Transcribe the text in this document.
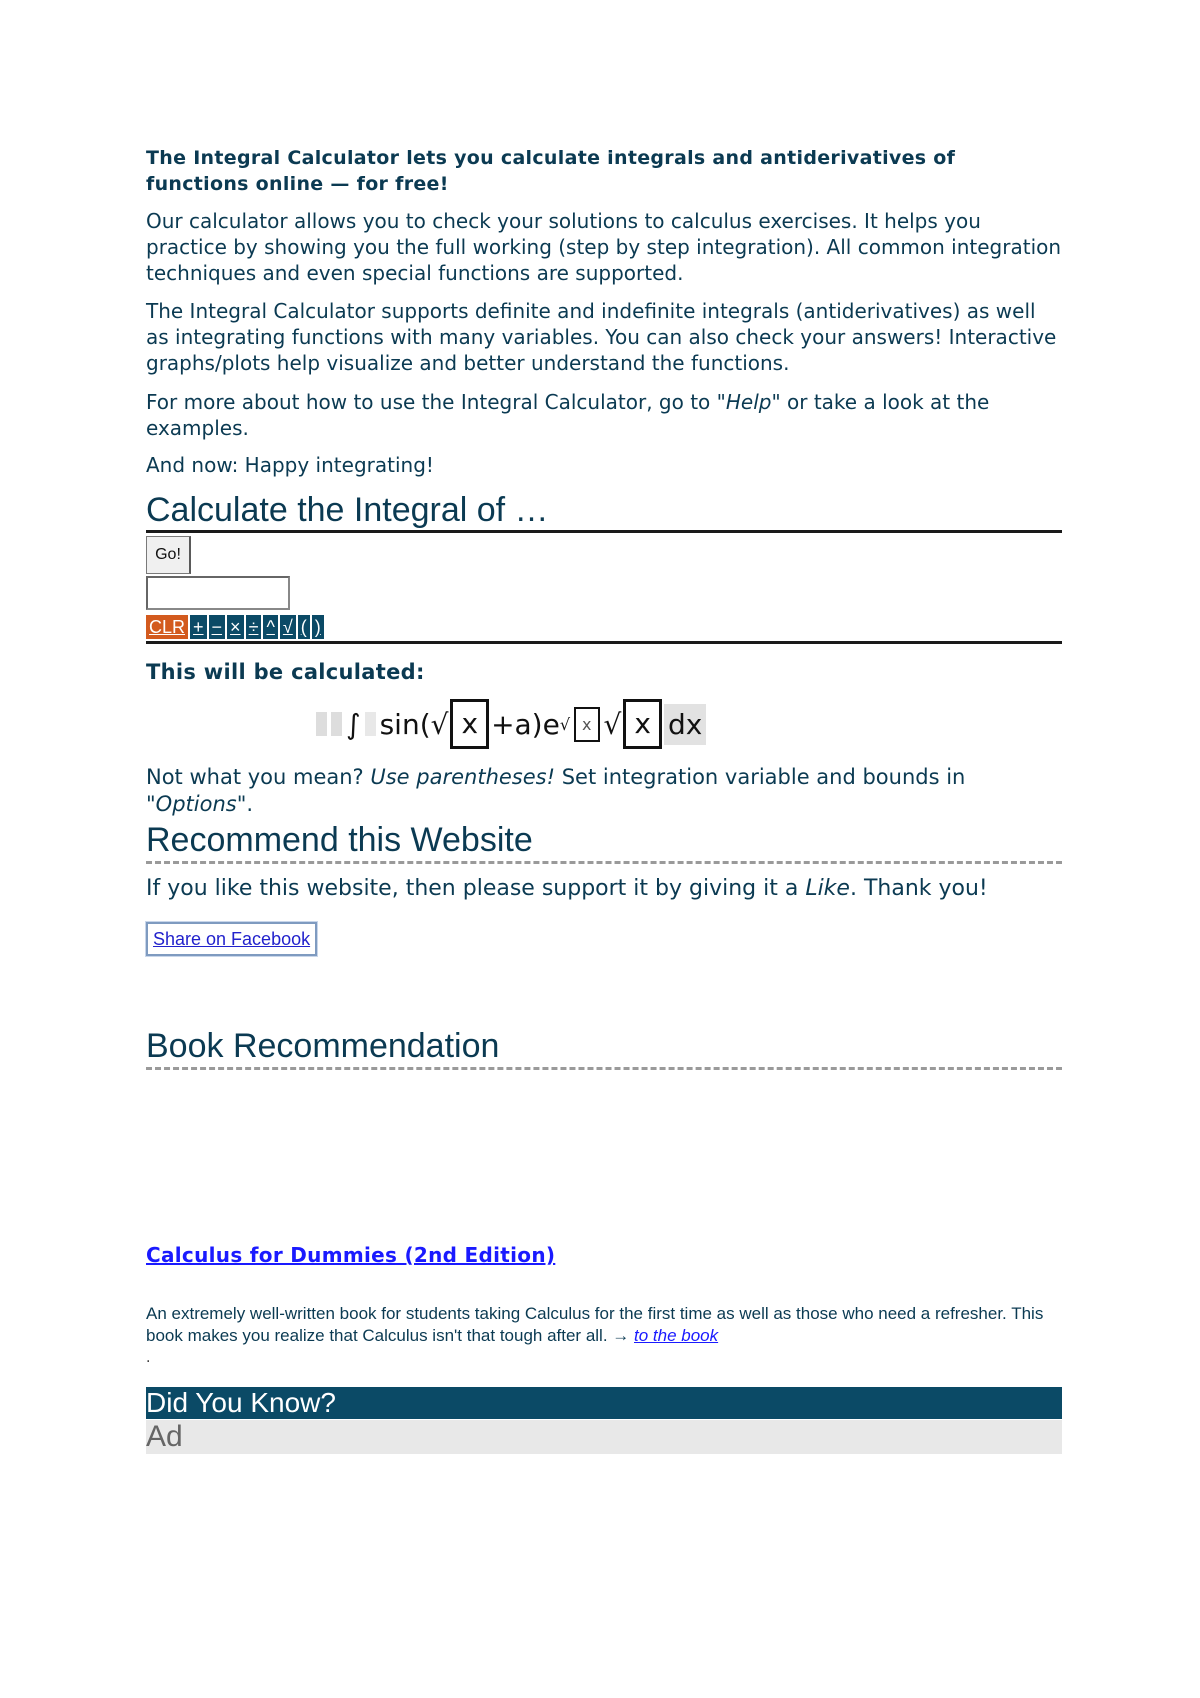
The Integral Calculator lets you calculate integrals and antiderivatives of functions online — for free!
Our calculator allows you to check your solutions to calculus exercises. It helps you practice by showing you the full working (step by step integration). All common integration techniques and even special functions are supported.
The Integral Calculator supports definite and indefinite integrals (antiderivatives) as well as integrating functions with many variables. You can also check your answers! Interactive graphs/plots help visualize and better understand the functions.
For more about how to use the Integral Calculator, go to "Help" or take a look at the examples.
And now: Happy integrating!
Calculate the Integral of …
Go!
CLR + − × ÷ ^ √ ( )
This will be calculated:
∫ sin(√ x +a)e √ x √ x dx
Not what you mean? Use parentheses! Set integration variable and bounds in "Options".
Recommend this Website
If you like this website, then please support it by giving it a Like. Thank you!
Share on Facebook
Book Recommendation
Calculus for Dummies (2nd Edition)
An extremely well-written book for students taking Calculus for the first time as well as those who need a refresher. This book makes you realize that Calculus isn't that tough after all. → to the book
.
Did You Know?
Ad
